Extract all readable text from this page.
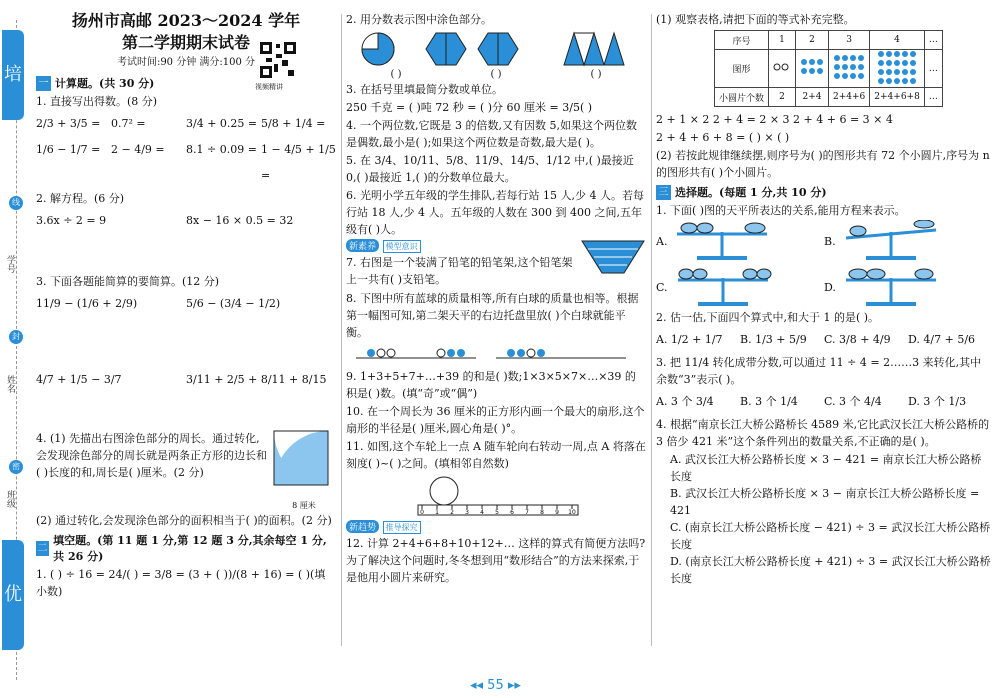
培
线
学号
封
姓名
密
班级
优
扬州市高邮 2023～2024 学年
第二学期期末试卷
考试时间:90 分钟 满分:100 分
一 计算题。(共 30 分)
1. 直接写出得数。(8 分)
2/3 + 3/5 = 0.7² =	3/4 + 0.25 = 5/8 + 1/4 =
1/6 − 1/7 = 2 − 4/9 =	8.1 ÷ 0.09 = 1 − 4/5 + 1/5 =
2. 解方程。(6 分)
3.6x ÷ 2 = 9	8x − 16 × 0.5 = 32
3. 下面各题能简算的要简算。(12 分)
11/9 − (1/6 + 2/9)	5/6 − (3/4 − 1/2)
4/7 + 1/5 − 3/7	3/11 + 2/5 + 8/11 + 8/15
4. (1) 先描出右图涂色部分的周长。通过转化,会发现涂色部分的周长就是两条正方形的边长和( )长度的和,周长是( )厘米。(2 分)
8 厘米
(2) 通过转化,会发现涂色部分的面积相当于( )的面积。(2 分)
二
填空题。(第 11 题 1 分,第 12 题 3 分,其余每空 1 分,共 26 分)
1. ( ) ÷ 16 = 24/( ) = 3/8 = (3 + ( ))/(8 + 16) = ( )(填小数)
视频精讲
2. 用分数表示图中涂色部分。
( )	( )	( )
3. 在括号里填最简分数或单位。
250 千克 = ( )吨 72 秒 = ( )分 60 厘米 = 3/5( )
4. 一个两位数,它既是 3 的倍数,又有因数 5,如果这个两位数是偶数,最小是( );如果这个两位数是奇数,最大是( )。
5. 在 3/4、10/11、5/8、11/9、14/5、1/12 中,( )最接近 0,( )最接近 1,( )的分数单位最大。
6. 光明小学五年级的学生排队,若每行站 15 人,少 4 人。若每行站 18 人,少 4 人。五年级的人数在 300 到 400 之间,五年级有( )人。
新素养 模型意识
7. 右图是一个装满了铅笔的铅笔架,这个铅笔架上一共有( )支铅笔。
8. 下图中所有蓝球的质量相等,所有白球的质量也相等。根据第一幅图可知,第二架天平的右边托盘里放( )个白球就能平衡。
9. 1+3+5+7+…+39 的和是( )数;1×3×5×7×…×39 的积是( )数。(填“奇”或“偶”)
10. 在一个周长为 36 厘米的正方形内画一个最大的扇形,这个扇形的半径是( )厘米,圆心角是( )°。
11. 如图,这个车轮上一点 A 随车轮向右转动一周,点 A 将落在刻度( )~( )之间。(填相邻自然数)
0 1 2 3 4 5 6 7 8 9 10
新趋势 推导探究
12. 计算 2+4+6+8+10+12+… 这样的算式有简便方法吗?为了解决这个问题时,冬冬想到用“数形结合”的方法来探索,于是他用小圆片来研究。
(1) 观察表格,请把下面的等式补充完整。
序号	1	2	3	4	…
图形					…
小圆片个数	2	2+4	2+4+6	2+4+6+8	…
2 + 1 × 2 2 + 4 = 2 × 3 2 + 4 + 6 = 3 × 4
2 + 4 + 6 + 8 = ( ) × ( )
(2) 若按此规律继续摆,则序号为( )的图形共有 72 个小圆片,序号为 n 的图形共有( )个小圆片。
三 选择题。(每题 1 分,共 10 分)
1. 下面( )图的天平所表达的关系,能用方程来表示。
A.	B.
C.	D.
2. 估一估,下面四个算式中,和大于 1 的是( )。
A. 1/2 + 1/7	B. 1/3 + 5/9	C. 3/8 + 4/9	D. 4/7 + 5/6
3. 把 11/4 转化成带分数,可以通过 11 ÷ 4 = 2……3 来转化,其中余数“3”表示( )。
A. 3 个 3/4	B. 3 个 1/4	C. 3 个 4/4	D. 3 个 1/3
4. 根据“南京长江大桥公路桥长 4589 米,它比武汉长江大桥公路桥的 3 倍少 421 米”这个条件列出的数量关系,不正确的是( )。
A. 武汉长江大桥公路桥长度 × 3 − 421 = 南京长江大桥公路桥长度
B. 武汉长江大桥公路桥长度 × 3 − 南京长江大桥公路桥长度 = 421
C. (南京长江大桥公路桥长度 − 421) ÷ 3 = 武汉长江大桥公路桥长度
D. (南京长江大桥公路桥长度 + 421) ÷ 3 = 武汉长江大桥公路桥长度
◂◂ 55 ▸▸
